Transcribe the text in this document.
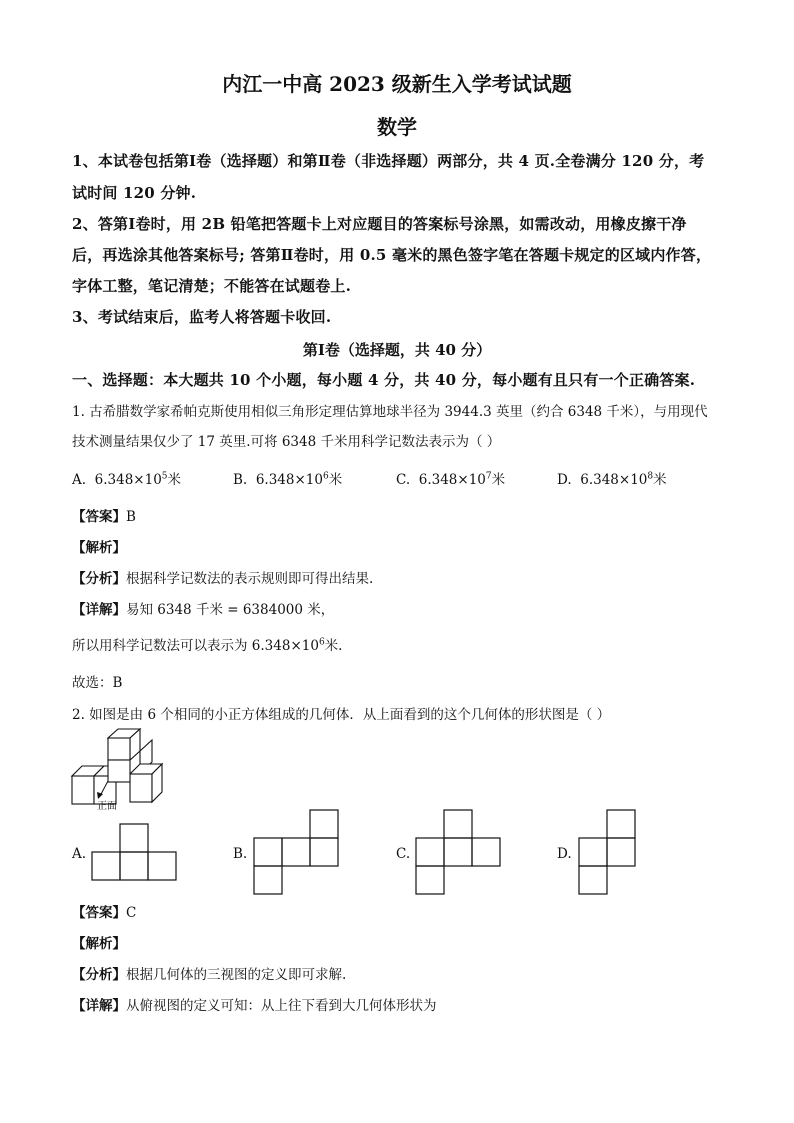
内江一中高 2023 级新生入学考试试题
数学
1、本试卷包括第Ⅰ卷（选择题）和第Ⅱ卷（非选择题）两部分，共 4 页.全卷满分 120 分，考
试时间 120 分钟.
2、答第Ⅰ卷时，用 2B 铅笔把答题卡上对应题目的答案标号涂黑，如需改动，用橡皮擦干净
后，再选涂其他答案标号; 答第Ⅱ卷时，用 0.5 毫米的黑色签字笔在答题卡规定的区域内作答，
字体工整，笔记清楚；不能答在试题卷上.
3、考试结束后，监考人将答题卡收回.
第Ⅰ卷（选择题，共 40 分）
一、选择题：本大题共 10 个小题，每小题 4 分，共 40 分，每小题有且只有一个正确答案.
1. 古希腊数学家希帕克斯使用相似三角形定理估算地球半径为 3944.3 英里（约合 6348 千米），与用现代
技术测量结果仅少了 17 英里.可将 6348 千米用科学记数法表示为（ ）
A. $6.348\times 10^5$米	B. $6.348\times 10^6$米	C. $6.348\times 10^7$米	D. $6.348\times 10^8$米
【答案】B
【解析】
【分析】根据科学记数法的表示规则即可得出结果.
【详解】易知 6348 千米 = 6384000 米，
所以用科学记数法可以表示为 $6.348\times 10^6$米.
故选：B
2. 如图是由 6 个相同的小正方体组成的几何体．从上面看到的这个几何体的形状图是（ ）
正面
A.	B.	C.	D.
【答案】C
【解析】
【分析】根据几何体的三视图的定义即可求解.
【详解】从俯视图的定义可知：从上往下看到大几何体形状为
